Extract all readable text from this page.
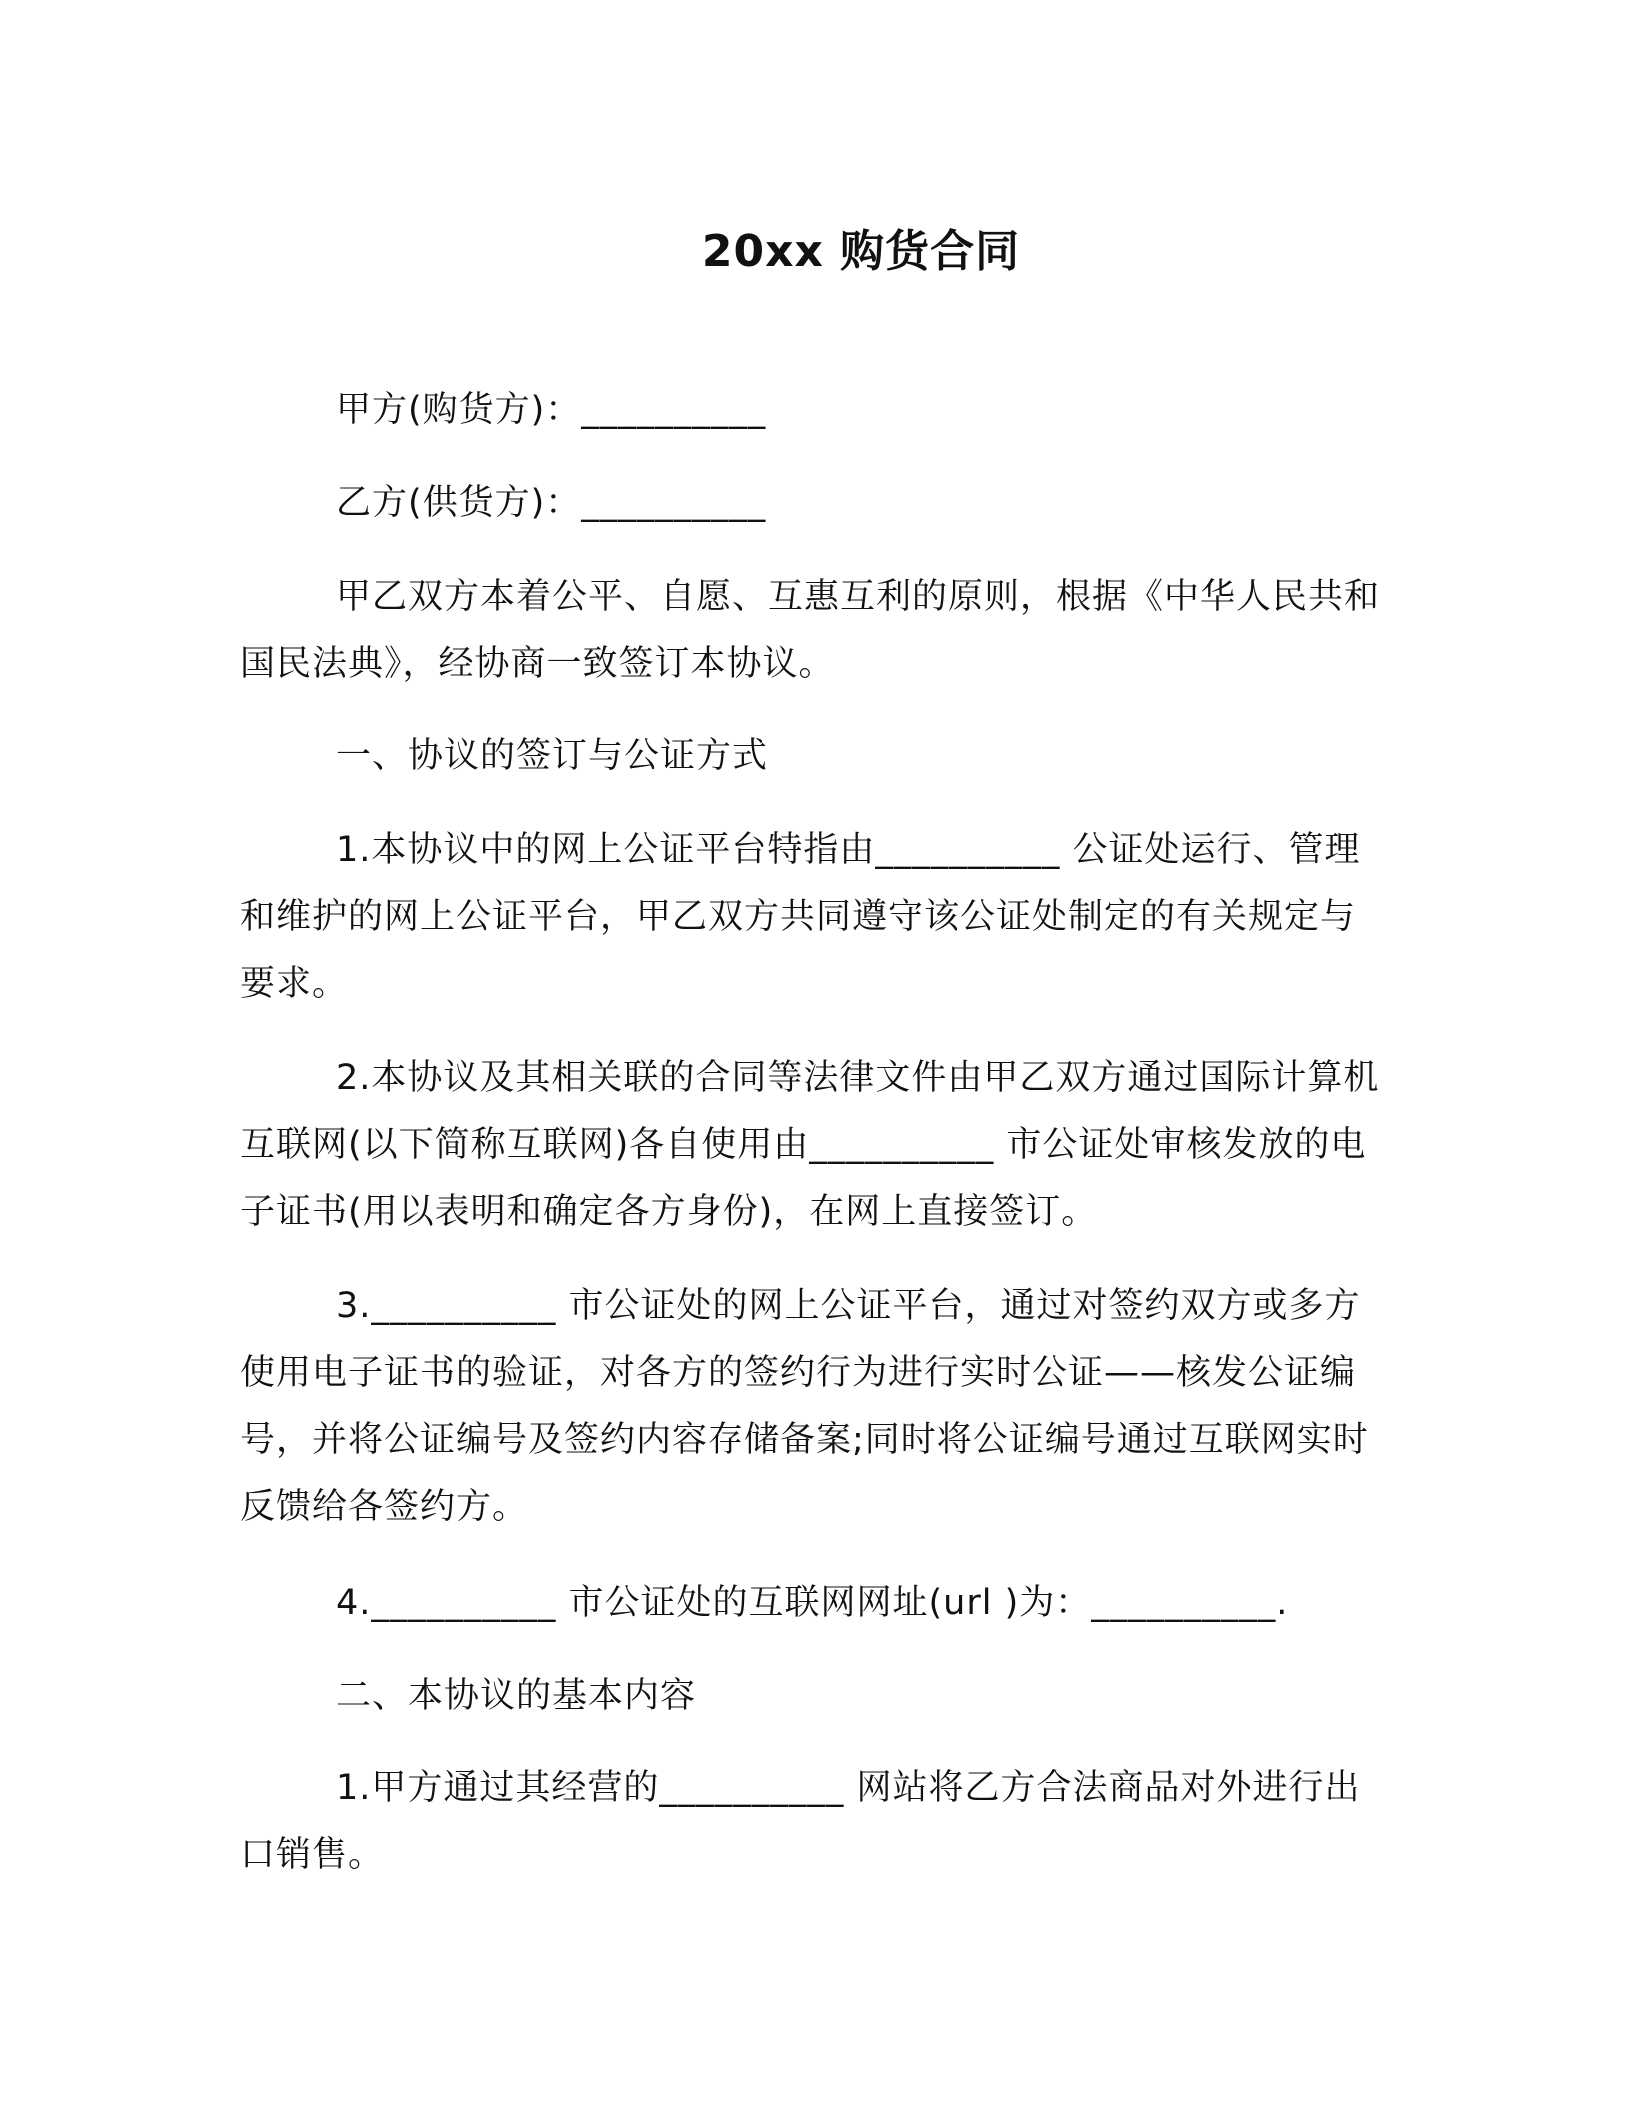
20xx 购货合同
甲方(购货方)：__________
乙方(供货方)：__________
甲乙双方本着公平、自愿、互惠互利的原则，根据《中华人民共和国民法典》，经协商一致签订本协议。
一、协议的签订与公证方式
1.本协议中的网上公证平台特指由__________ 公证处运行、管理和维护的网上公证平台，甲乙双方共同遵守该公证处制定的有关规定与要求。
2.本协议及其相关联的合同等法律文件由甲乙双方通过国际计算机互联网(以下简称互联网)各自使用由__________ 市公证处审核发放的电子证书(用以表明和确定各方身份)，在网上直接签订。
3.__________ 市公证处的网上公证平台，通过对签约双方或多方使用电子证书的验证，对各方的签约行为进行实时公证——核发公证编号，并将公证编号及签约内容存储备案;同时将公证编号通过互联网实时反馈给各签约方。
4.__________ 市公证处的互联网网址(url )为：__________.
二、本协议的基本内容
1.甲方通过其经营的__________ 网站将乙方合法商品对外进行出口销售。
